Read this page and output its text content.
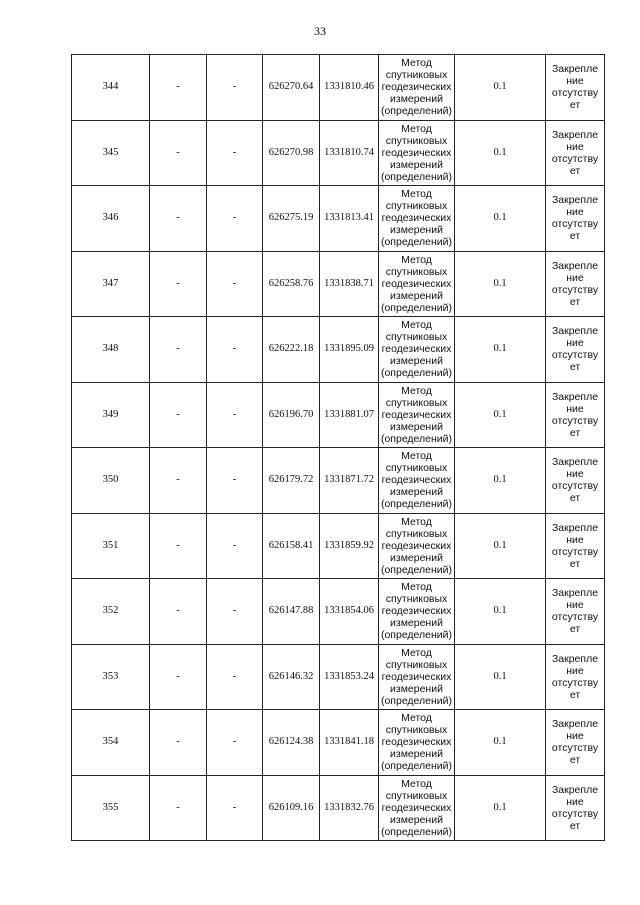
33
344	-	-	626270.64	1331810.46	Метод
спутниковых
геодезических
измерений
(определений)	0.1	Закрепле
ние
отсутству
ет

345	-	-	626270.98	1331810.74	Метод
спутниковых
геодезических
измерений
(определений)	0.1	Закрепле
ние
отсутству
ет

346	-	-	626275.19	1331813.41	Метод
спутниковых
геодезических
измерений
(определений)	0.1	Закрепле
ние
отсутству
ет

347	-	-	626258.76	1331838.71	Метод
спутниковых
геодезических
измерений
(определений)	0.1	Закрепле
ние
отсутству
ет

348	-	-	626222.18	1331895.09	Метод
спутниковых
геодезических
измерений
(определений)	0.1	Закрепле
ние
отсутству
ет

349	-	-	626196.70	1331881.07	Метод
спутниковых
геодезических
измерений
(определений)	0.1	Закрепле
ние
отсутству
ет

350	-	-	626179.72	1331871.72	Метод
спутниковых
геодезических
измерений
(определений)	0.1	Закрепле
ние
отсутству
ет

351	-	-	626158.41	1331859.92	Метод
спутниковых
геодезических
измерений
(определений)	0.1	Закрепле
ние
отсутству
ет

352	-	-	626147.88	1331854.06	Метод
спутниковых
геодезических
измерений
(определений)	0.1	Закрепле
ние
отсутству
ет

353	-	-	626146.32	1331853.24	Метод
спутниковых
геодезических
измерений
(определений)	0.1	Закрепле
ние
отсутству
ет

354	-	-	626124.38	1331841.18	Метод
спутниковых
геодезических
измерений
(определений)	0.1	Закрепле
ние
отсутству
ет

355	-	-	626109.16	1331832.76	Метод
спутниковых
геодезических
измерений
(определений)	0.1	Закрепле
ние
отсутству
ет
